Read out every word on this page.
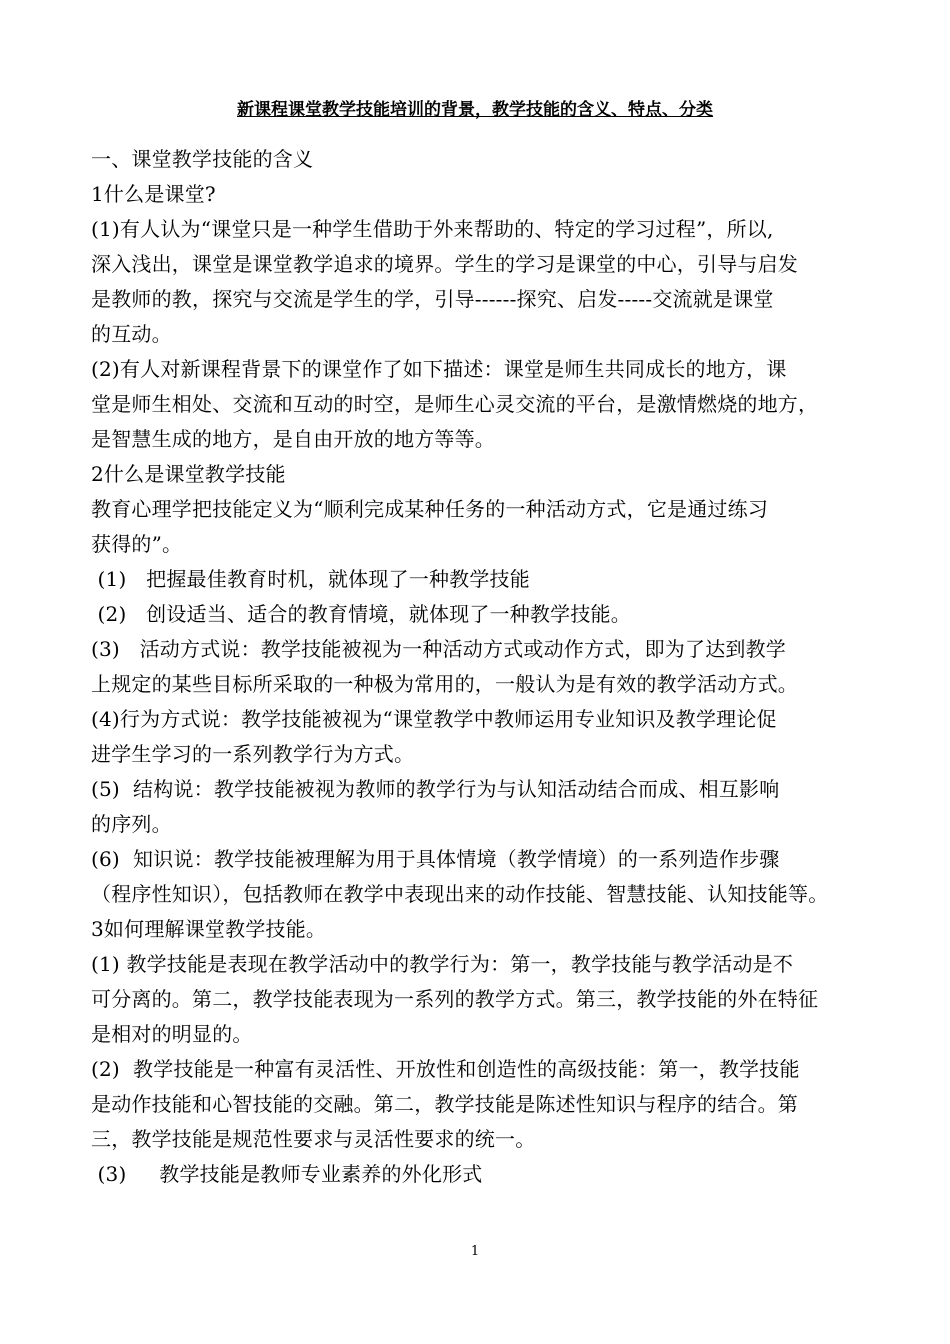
新课程课堂教学技能培训的背景，教学技能的含义、特点、分类
一、课堂教学技能的含义
1什么是课堂?
(1)有人认为“课堂只是一种学生借助于外来帮助的、特定的学习过程”，所以,
深入浅出，课堂是课堂教学追求的境界。学生的学习是课堂的中心，引导与启发
是教师的教，探究与交流是学生的学，引导------探究、启发-----交流就是课堂
的互动。
(2)有人对新课程背景下的课堂作了如下描述：课堂是师生共同成长的地方，课
堂是师生相处、交流和互动的时空，是师生心灵交流的平台，是激情燃烧的地方，
是智慧生成的地方，是自由开放的地方等等。
2什么是课堂教学技能
教育心理学把技能定义为“顺利完成某种任务的一种活动方式，它是通过练习
获得的”。
(1)   把握最佳教育时机，就体现了一种教学技能
(2)   创设适当、适合的教育情境，就体现了一种教学技能。
(3)   活动方式说：教学技能被视为一种活动方式或动作方式，即为了达到教学
上规定的某些目标所采取的一种极为常用的，一般认为是有效的教学活动方式。
(4)行为方式说：教学技能被视为“课堂教学中教师运用专业知识及教学理论促
进学生学习的一系列教学行为方式。
(5)  结构说：教学技能被视为教师的教学行为与认知活动结合而成、相互影响
的序列。
(6)  知识说：教学技能被理解为用于具体情境（教学情境）的一系列造作步骤
（程序性知识），包括教师在教学中表现出来的动作技能、智慧技能、认知技能等。
3如何理解课堂教学技能。
(1) 教学技能是表现在教学活动中的教学行为：第一，教学技能与教学活动是不
可分离的。第二，教学技能表现为一系列的教学方式。第三，教学技能的外在特征
是相对的明显的。
(2)  教学技能是一种富有灵活性、开放性和创造性的高级技能：第一，教学技能
是动作技能和心智技能的交融。第二，教学技能是陈述性知识与程序的结合。第
三，教学技能是规范性要求与灵活性要求的统一。
(3)     教学技能是教师专业素养的外化形式
1
